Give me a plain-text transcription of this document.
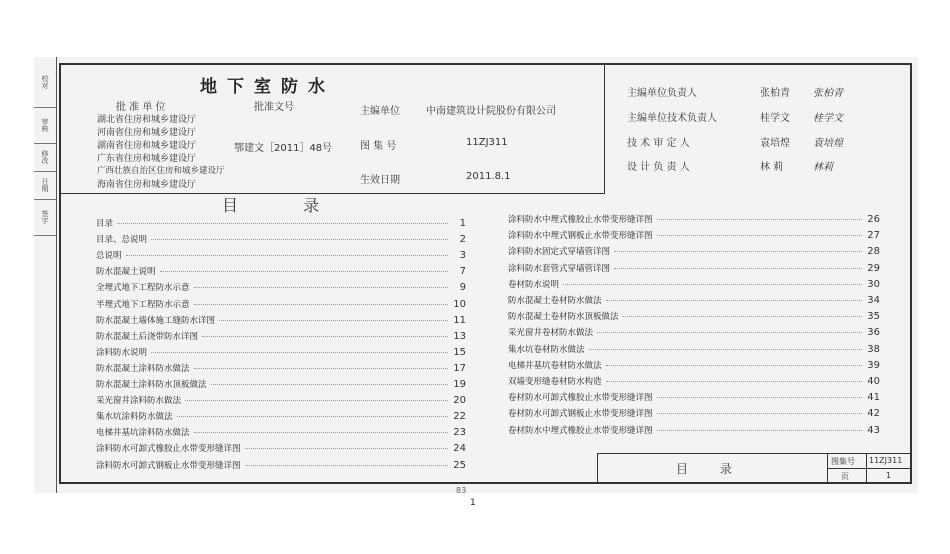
校对
审核
修改
日期
签字
地下室防水
批 准 单 位	批准文号
湖北省住房和城乡建设厅
河南省住房和城乡建设厅
湖南省住房和城乡建设厅
广东省住房和城乡建设厅
广西壮族自治区住房和城乡建设厅
海南省住房和城乡建设厅
鄂建文［2011］48号
主编单位	中南建筑设计院股份有限公司
图 集 号	11ZJ311
生效日期	2011.8.1
主编单位负责人	张柏青 张柏青
主编单位技术负责人	桂学文 桂学文
技 术 审 定 人	袁培煌 袁培煌
设 计 负 责 人	林 莉	林莉
目 录
目录	1
目录、总说明	2
总说明	3
防水混凝土说明	7
全埋式地下工程防水示意	9
半埋式地下工程防水示意	10
防水混凝土墙体施工缝防水详图	11
防水混凝土后浇带防水详图	13
涂料防水说明	15
防水混凝土涂料防水做法	17
防水混凝土涂料防水顶板做法	19
采光窗井涂料防水做法	20
集水坑涂料防水做法	22
电梯井基坑涂料防水做法	23
涂料防水可卸式橡胶止水带变形缝详图	24
涂料防水可卸式钢板止水带变形缝详图	25
涂料防水中埋式橡胶止水带变形缝详图	26
涂料防水中埋式钢板止水带变形缝详图	27
涂料防水固定式穿墙管详图	28
涂料防水套管式穿墙管详图	29
卷材防水说明	30
防水混凝土卷材防水做法	34
防水混凝土卷材防水顶板做法	35
采光窗井卷材防水做法	36
集水坑卷材防水做法	38
电梯井基坑卷材防水做法	39
双墙变形缝卷材防水构造	40
卷材防水可卸式橡胶止水带变形缝详图	41
卷材防水可卸式钢板止水带变形缝详图	42
卷材防水中埋式橡胶止水带变形缝详图	43
目 录
图集号 11ZJ311
页	1
83
1
